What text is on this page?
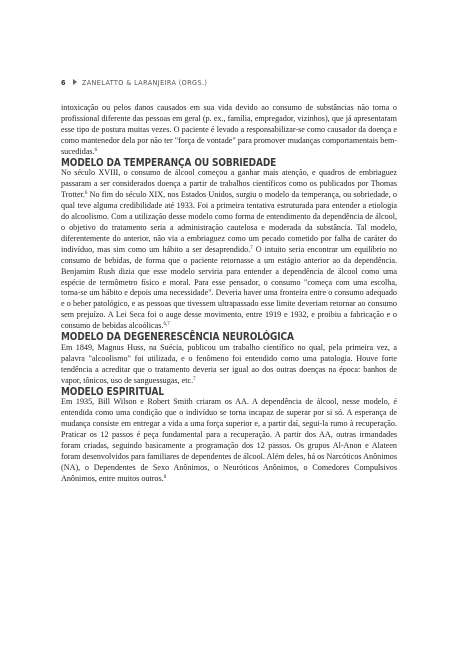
6 ZANELATTO & LARANJEIRA (ORGS.)

intoxicação ou pelos danos causados em sua vida devido ao consumo de substâncias não torna o profissional diferente das pessoas em geral (p. ex., família, empregador, vizinhos), que já apresentaram esse tipo de postura muitas vezes. O paciente é levado a responsabilizar-se como causador da doença e como mantenedor dela por não ter "força de vontade" para promover mudanças comportamentais bem-sucedidas.$^6$

MODELO DA TEMPERANÇA OU SOBRIEDADE

No século XVIII, o consumo de álcool começou a ganhar mais atenção, e quadros de embriaguez passaram a ser considerados doença a partir de trabalhos científicos como os publicados por Thomas Trotter.$^6$ No fim do século XIX, nos Estados Unidos, surgiu o modelo da temperança, ou sobriedade, o qual teve alguma credibilidade até 1933. Foi a primeira tentativa estruturada para entender a etiologia do alcoolismo. Com a utilização desse modelo como forma de entendimento da dependência de álcool, o objetivo do tratamento seria a administração cautelosa e moderada da substância. Tal modelo, diferentemente do anterior, não via a embriaguez como um pecado cometido por falha de caráter do indivíduo, mas sim como um hábito a ser desaprendido.$^7$ O intuito seria encontrar um equilíbrio no consumo de bebidas, de forma que o paciente retornasse a um estágio anterior ao da dependência. Benjamim Rush dizia que esse modelo serviria para entender a dependência de álcool como uma espécie de termômetro físico e moral. Para esse pensador, o consumo "começa com uma escolha, torna-se um hábito e depois uma necessidade". Deveria haver uma fronteira entre o consumo adequado e o beber patológico, e as pessoas que tivessem ultrapassado esse limite deveriam retornar ao consumo sem prejuízo. A Lei Seca foi o auge desse movimento, entre 1919 e 1932, e proibiu a fabricação e o consumo de bebidas alcoólicas.$^{6,7}$

MODELO DA DEGENERESCÊNCIA NEUROLÓGICA

Em 1849, Magnus Huss, na Suécia, publicou um trabalho científico no qual, pela primeira vez, a palavra "alcoolismo" foi utilizada, e o fenômeno foi entendido como uma patologia. Houve forte tendência a acreditar que o tratamento deveria ser igual ao dos outras doenças na época: banhos de vapor, tônicos, uso de sanguessugas, etc.$^7$

MODELO ESPIRITUAL

Em 1935, Bill Wilson e Robert Smith criaram os AA. A dependência de álcool, nesse modelo, é entendida como uma condição que o indivíduo se torna incapaz de superar por si só. A esperança de mudança consiste em entregar a vida a uma força superior e, a partir daí, segui-la rumo à recuperação. Praticar os 12 passos é peça fundamental para a recuperação. A partir dos AA, outras irmandades foram criadas, seguindo basicamente a programação dos 12 passos. Os grupos Al-Anon e Alateen foram desenvolvidos para familiares de dependentes de álcool. Além deles, há os Narcóticos Anônimos (NA), o Dependentes de Sexo Anônimos, o Neuróticos Anônimos, o Comedores Compulsivos Anônimos, entre muitos outros.$^8$
